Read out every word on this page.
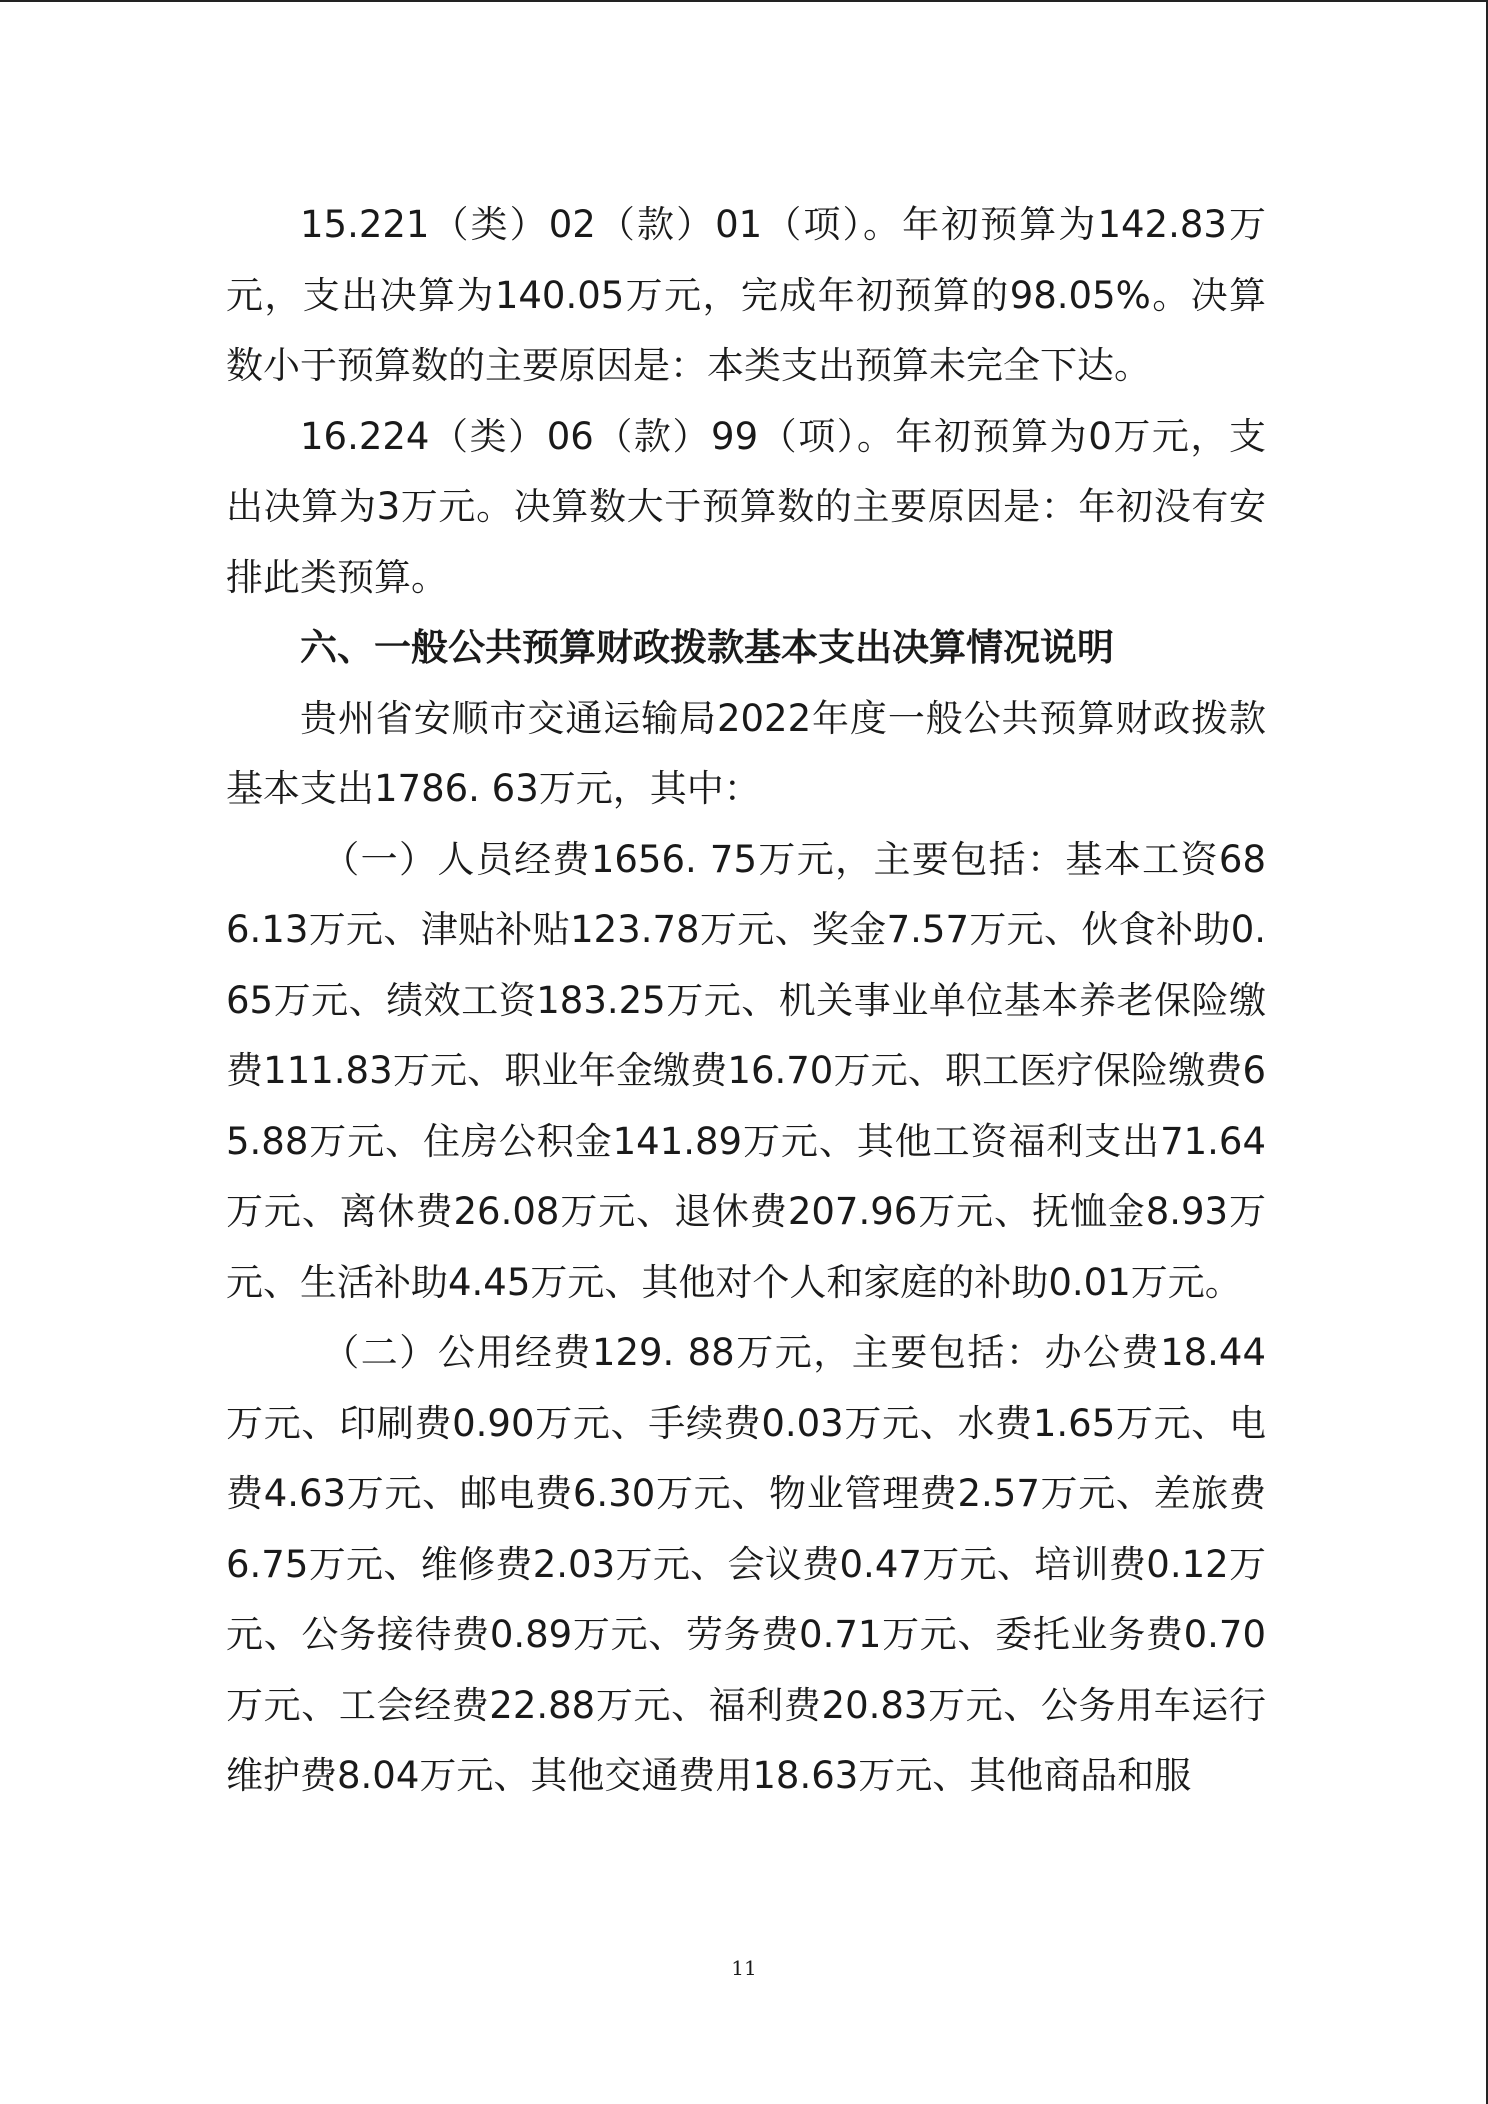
15.221（类）02（款）01（项）。年初预算为142.83万元，支出决算为140.05万元，完成年初预算的98.05%。决算数小于预算数的主要原因是：本类支出预算未完全下达。

16.224（类）06（款）99（项）。年初预算为0万元，支出决算为3万元。决算数大于预算数的主要原因是：年初没有安排此类预算。

六、一般公共预算财政拨款基本支出决算情况说明

贵州省安顺市交通运输局2022年度一般公共预算财政拨款基本支出1786. 63万元，其中：

（一）人员经费1656. 75万元，主要包括：基本工资686.13万元、津贴补贴123.78万元、奖金7.57万元、伙食补助0.65万元、绩效工资183.25万元、机关事业单位基本养老保险缴费111.83万元、职业年金缴费16.70万元、职工医疗保险缴费65.88万元、住房公积金141.89万元、其他工资福利支出71.64万元、离休费26.08万元、退休费207.96万元、抚恤金8.93万元、生活补助4.45万元、其他对个人和家庭的补助0.01万元。

（二）公用经费129. 88万元，主要包括：办公费18.44万元、印刷费0.90万元、手续费0.03万元、水费1.65万元、电费4.63万元、邮电费6.30万元、物业管理费2.57万元、差旅费6.75万元、维修费2.03万元、会议费0.47万元、培训费0.12万元、公务接待费0.89万元、劳务费0.71万元、委托业务费0.70万元、工会经费22.88万元、福利费20.83万元、公务用车运行维护费8.04万元、其他交通费用18.63万元、其他商品和服

11
